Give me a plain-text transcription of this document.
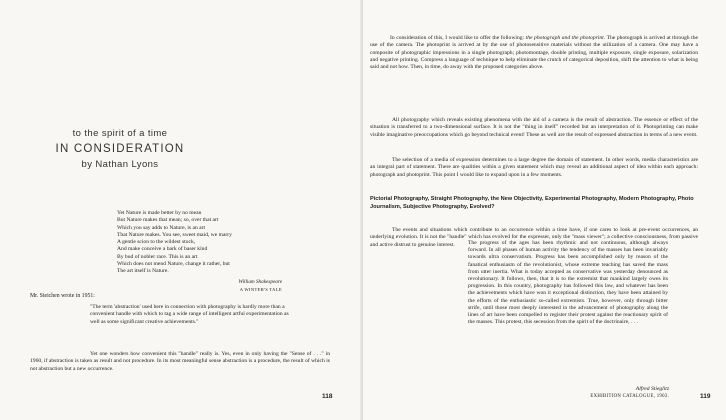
to the spirit of a time
IN CONSIDERATION
by Nathan Lyons
Yet Nature is made better by no mean
But Nature makes that mean; so, over that art
Which you say adds to Nature, is an art
That Nature makes. You see, sweet maid, we marry
A gentle scion to the wildest stock,
And make conceive a bark of baser kind
By bud of nobler race. This is an art
Which does not mend Nature, change it rather, but
The art itself is Nature.
William Shakespeare
A WINTER'S TALE
Mr. Steichen wrote in 1951:
"The term 'abstraction' used here in connection with photography is hardly more than a convenient handle with which to tag a wide range of intelligent artful experimentation as well as some significant creative achievements."
Yet one wonders how convenient this "handle" really is. Yes, even in only having the "Sense of . . ." in 1960, if abstraction is taken as result and not procedure. In its most meaningful sense abstraction is a procedure, the result of which is not abstraction but a new occurrence.
118
In consideration of this, I would like to offer the following: the photograph and the photoprint. The photograph is arrived at through the use of the camera. The photoprint is arrived at by the use of photosensitive materials without the utilization of a camera. One may have a composite of photographic impressions in a single photograph; photomontage, double printing, multiple exposure, single exposure, solarization and negative printing. Compress a language of technique to help eliminate the crutch of categorical deposition, shift the attention to what is being said and not how. Then, in time, do away with the proposed categories above.
All photography which reveals existing phenomena with the aid of a camera is the result of abstraction. The essence or effect of the situation is transferred to a two-dimensional surface. It is not the "thing in itself" recorded but an interpretation of it. Photoprinting can make visible imaginative preoccupations which go beyond technical event! These as well are the result of expressed abstraction in terms of a new event.
The selection of a media of expression determines to a large degree the domain of statement. In other words, media characteristics are an integral part of statement. There are qualities within a given statement which may reveal an additional aspect of idea within each approach: photograph and photoprint. This point I would like to expand upon in a few moments.
Pictorial Photography, Straight Photography, the New Objectivity, Experimental Photography, Modern Photography, Photo Journalism, Subjective Photography, Evolved?
The events and situations which contribute to an occurrence within a time have, if one cares to look at pre-event occurrences, an underlying evolution. It is not the "handle" which has evolved for the expresser, only the "mass viewer"; a collective consciousness, from passive and active distrust to genuine interest.	The progress of the ages has been rhythmic and not continuous, although always forward. In all phases of human activity the tendency of the masses has been invariably towards ultra conservatism. Progress has been accomplished only by reason of the fanatical enthusiasm of the revolutionist, whose extreme teaching has saved the mass from utter inertia. What is today accepted as conservative was yesterday denounced as revolutionary. It follows, then, that it is to the extremist that mankind largely owes its progression. In this country, photography has followed this law, and whatever has been the achievements which have won it exceptional distinction, they have been attained by the efforts of the enthusiastic so-called extremists. True, however, only through bitter strife, until those most deeply interested in the advancement of photography along the lines of art have been compelled to register their protest against the reactionary spirit of the masses. This protest, this secession from the spirit of the doctrinaire, . . .
Alfred Stieglitz
EXHIBITION CATALOGUE, 1903.	119
